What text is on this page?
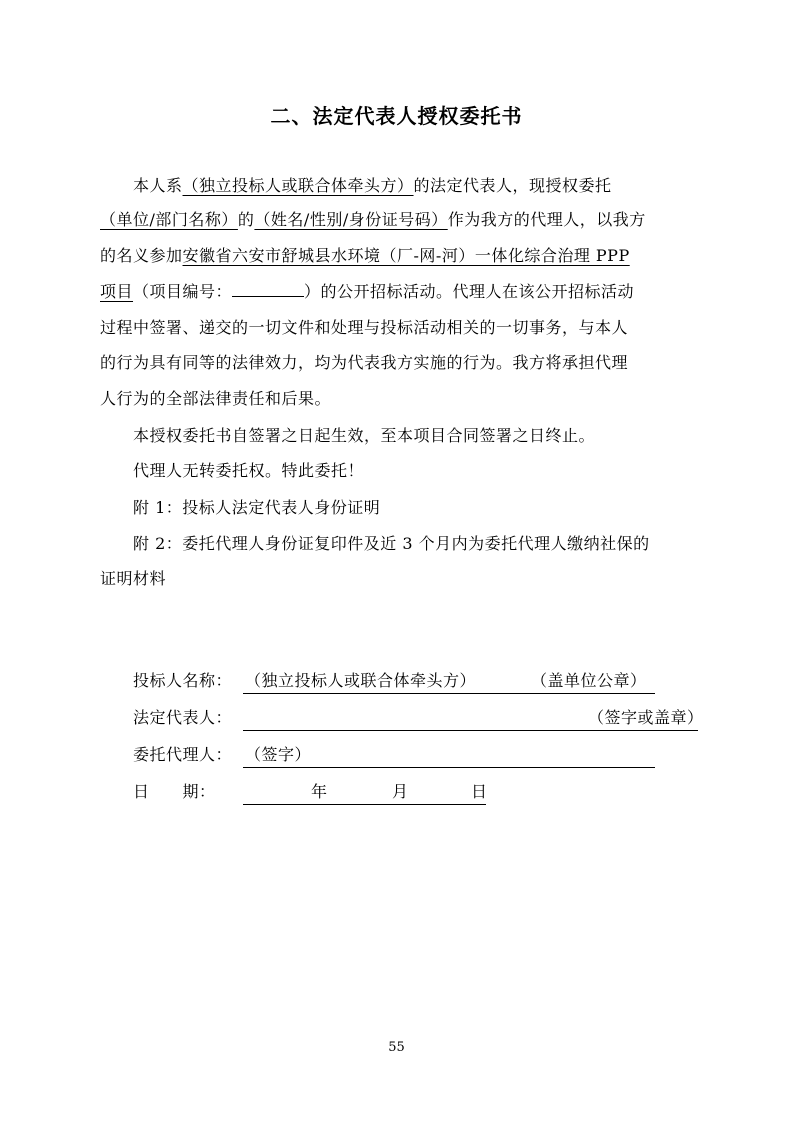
二、法定代表人授权委托书
本人系（独立投标人或联合体牵头方）的法定代表人，现授权委托
（单位/部门名称）的（姓名/性别/身份证号码）作为我方的代理人，以我方
的名义参加安徽省六安市舒城县水环境（厂-网-河）一体化综合治理 PPP
项目（项目编号：	）的公开招标活动。代理人在该公开招标活动
过程中签署、递交的一切文件和处理与投标活动相关的一切事务，与本人
的行为具有同等的法律效力，均为代表我方实施的行为。我方将承担代理
人行为的全部法律责任和后果。
本授权委托书自签署之日起生效，至本项目合同签署之日终止。
代理人无转委托权。特此委托！
附 1：投标人法定代表人身份证明
附 2：委托代理人身份证复印件及近 3 个月内为委托代理人缴纳社保的
证明材料
投标人名称： （独立投标人或联合体牵头方）	（盖单位公章）
法定代表人：	（签字或盖章）
委托代理人： （签字）
日　　期：	年	月	日
55
